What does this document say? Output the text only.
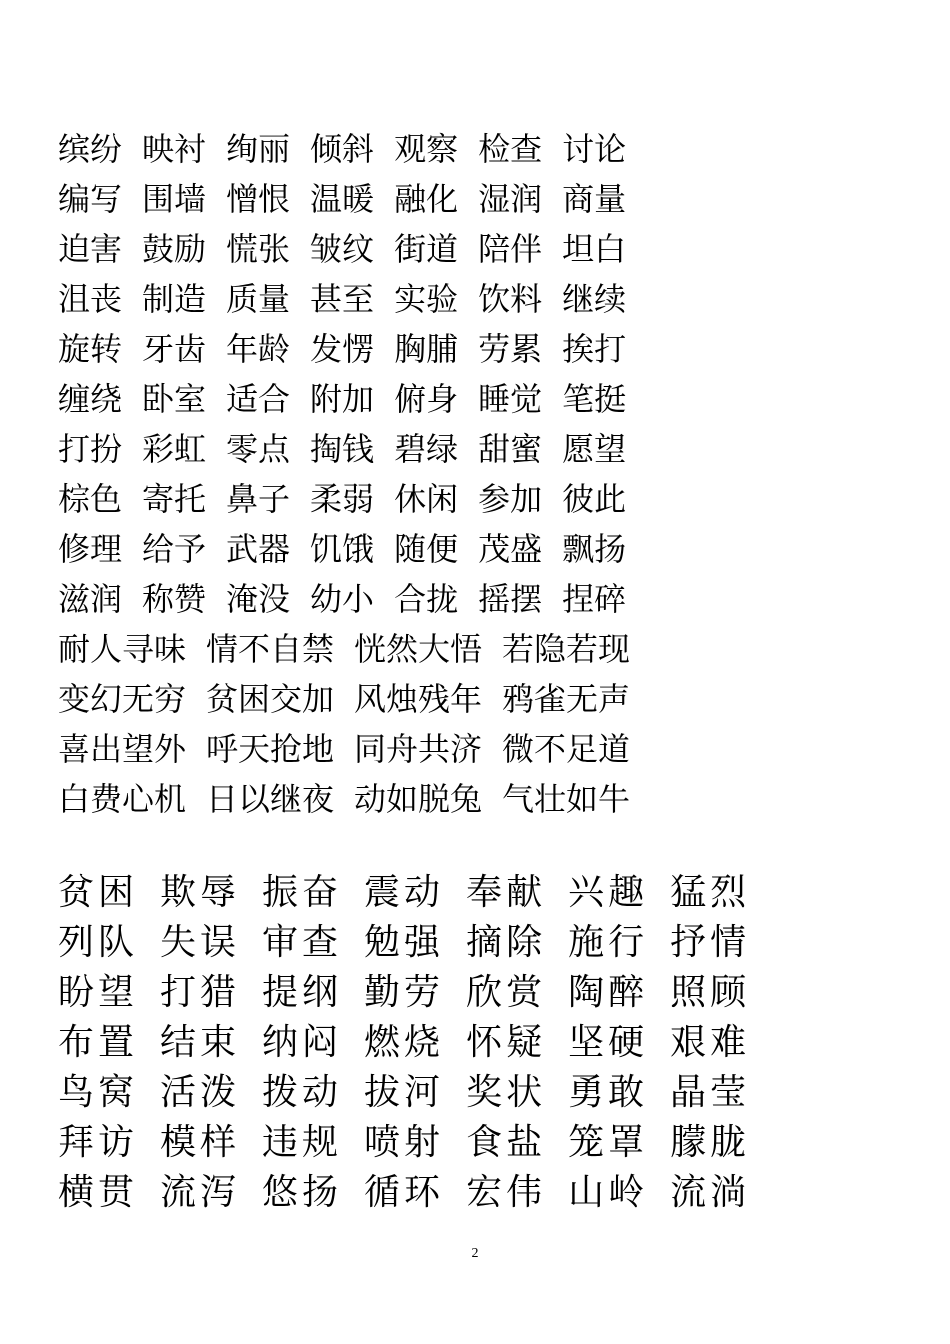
缤纷 映衬 绚丽 倾斜 观察 检查 讨论
编写 围墙 憎恨 温暖 融化 湿润 商量
迫害 鼓励 慌张 皱纹 街道 陪伴 坦白
沮丧 制造 质量 甚至 实验 饮料 继续
旋转 牙齿 年龄 发愣 胸脯 劳累 挨打
缠绕 卧室 适合 附加 俯身 睡觉 笔挺
打扮 彩虹 零点 掏钱 碧绿 甜蜜 愿望
棕色 寄托 鼻子 柔弱 休闲 参加 彼此
修理 给予 武器 饥饿 随便 茂盛 飘扬
滋润 称赞 淹没 幼小 合拢 摇摆 捏碎
耐人寻味 情不自禁 恍然大悟 若隐若现
变幻无穷 贫困交加 风烛残年 鸦雀无声
喜出望外 呼天抢地 同舟共济 微不足道
白费心机 日以继夜 动如脱兔 气壮如牛
贫困 欺辱 振奋 震动 奉献 兴趣 猛烈
列队 失误 审查 勉强 摘除 施行 抒情
盼望 打猎 提纲 勤劳 欣赏 陶醉 照顾
布置 结束 纳闷 燃烧 怀疑 坚硬 艰难
鸟窝 活泼 拨动 拔河 奖状 勇敢 晶莹
拜访 模样 违规 喷射 食盐 笼罩 朦胧
横贯 流泻 悠扬 循环 宏伟 山岭 流淌
2
